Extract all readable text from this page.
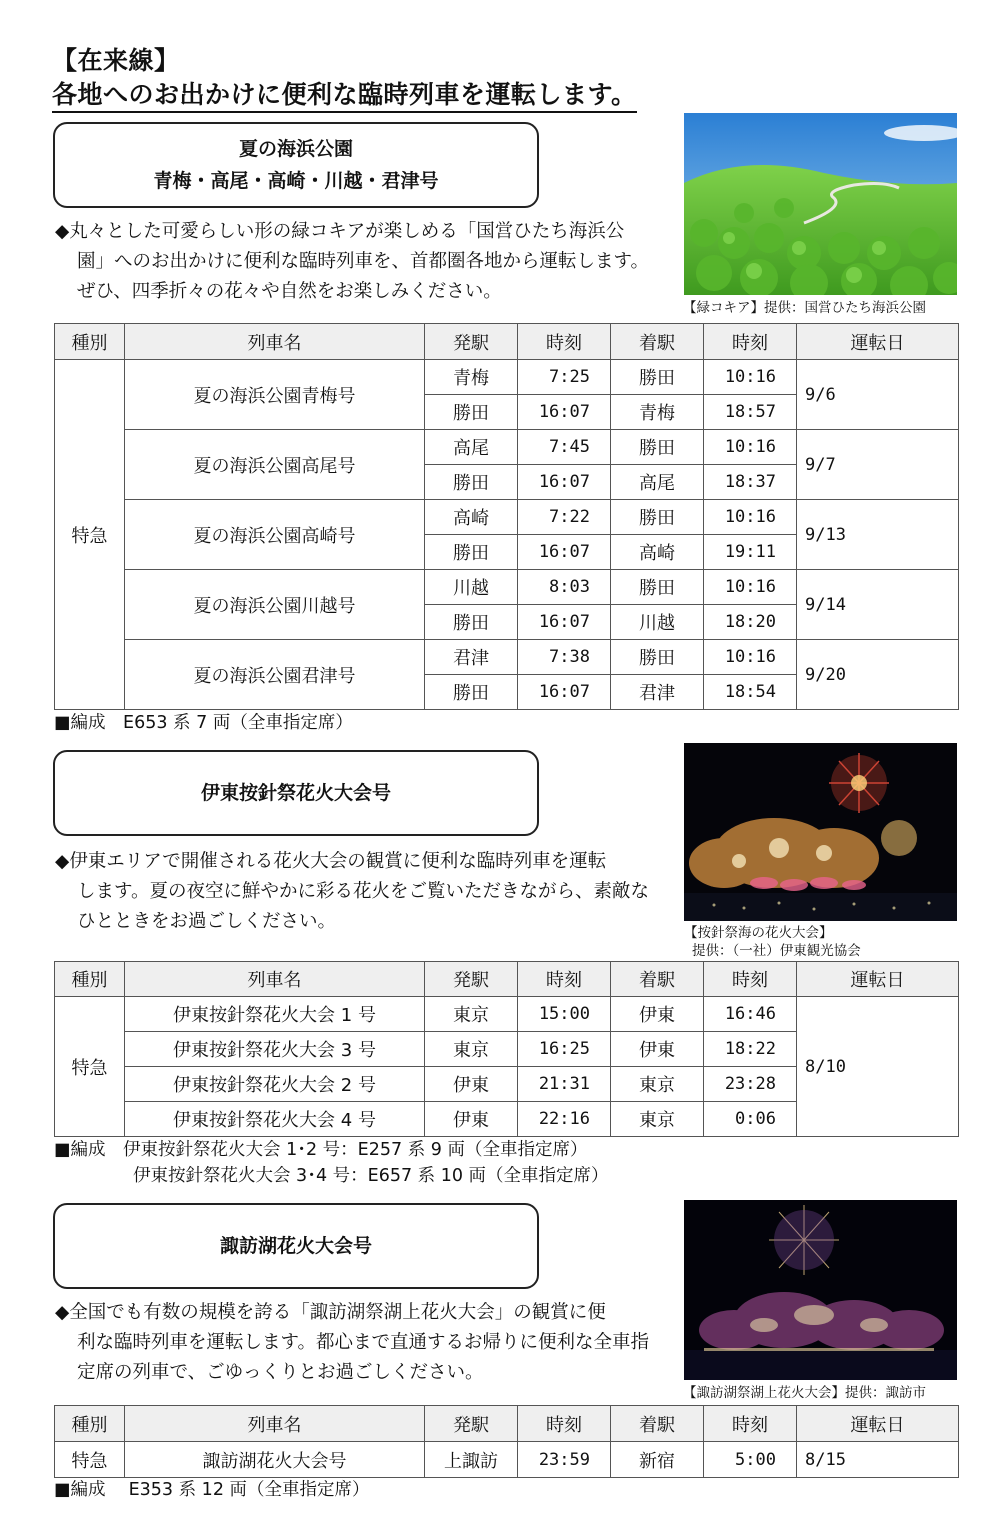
【在来線】
各地へのお出かけに便利な臨時列車を運転します。
夏の海浜公園
青梅・高尾・高崎・川越・君津号
【緑コキア】提供：国営ひたち海浜公園
◆丸々とした可愛らしい形の緑コキアが楽しめる「国営ひたち海浜公
園」へのお出かけに便利な臨時列車を、首都圏各地から運転します。ぜひ、四季折々の花々や自然をお楽しみください。
種別	列車名	発駅	時刻	着駅	時刻	運転日
特急	夏の海浜公園青梅号	青梅	7:25	勝田	10:16	9/6
		勝田	16:07	青梅	18:57	
	夏の海浜公園高尾号	高尾	7:45	勝田	10:16	9/7
		勝田	16:07	高尾	18:37	
	夏の海浜公園高崎号	高崎	7:22	勝田	10:16	9/13
		勝田	16:07	高崎	19:11	
	夏の海浜公園川越号	川越	8:03	勝田	10:16	9/14
		勝田	16:07	川越	18:20	
	夏の海浜公園君津号	君津	7:38	勝田	10:16	9/20
		勝田	16:07	君津	18:54	
■編成　E653 系 7 両（全車指定席）
伊東按針祭花火大会号
【按針祭海の花火大会】
提供：（一社）伊東観光協会
◆伊東エリアで開催される花火大会の観賞に便利な臨時列車を運転
します。夏の夜空に鮮やかに彩る花火をご覧いただきながら、素敵なひとときをお過ごしください。
種別	列車名	発駅	時刻	着駅	時刻	運転日
特急	伊東按針祭花火大会 1 号	東京	15:00	伊東	16:46	8/10
	伊東按針祭花火大会 3 号	東京	16:25	伊東	18:22	
	伊東按針祭花火大会 2 号	伊東	21:31	東京	23:28	
	伊東按針祭花火大会 4 号	伊東	22:16	東京	0:06	
■編成　伊東按針祭花火大会 1･2 号：E257 系 9 両（全車指定席）
伊東按針祭花火大会 3･4 号：E657 系 10 両（全車指定席）
諏訪湖花火大会号
【諏訪湖祭湖上花火大会】提供：諏訪市
◆全国でも有数の規模を誇る「諏訪湖祭湖上花火大会」の観賞に便
利な臨時列車を運転します。都心まで直通するお帰りに便利な全車指定席の列車で、ごゆっくりとお過ごしください。
種別	列車名	発駅	時刻	着駅	時刻	運転日
特急	諏訪湖花火大会号	上諏訪	23:59	新宿	5:00	8/15
■編成　 E353 系 12 両（全車指定席）
